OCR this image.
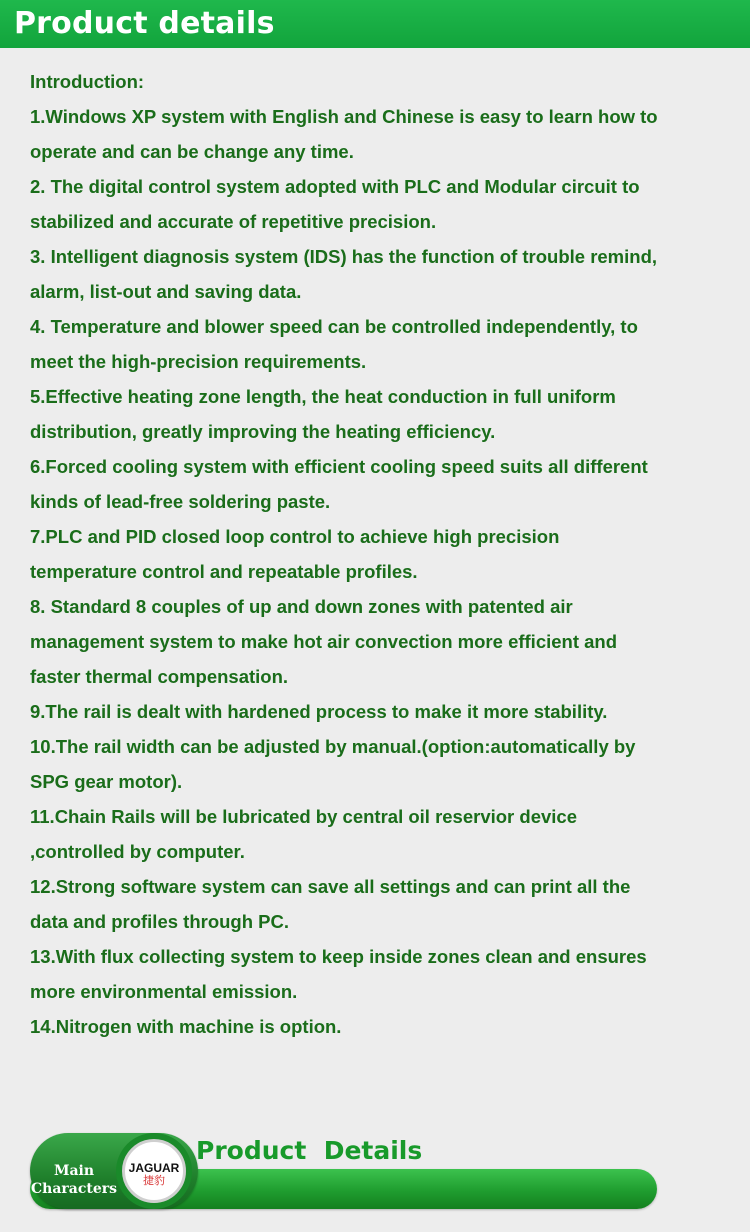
Product details
Introduction:
1.Windows XP system with English and Chinese is easy to learn how to
operate and can be change any time.
2. The digital control system adopted with PLC and Modular circuit to
stabilized and accurate of repetitive precision.
3. Intelligent diagnosis system (IDS) has the function of trouble remind,
alarm, list-out and saving data.
4. Temperature and blower speed can be controlled independently, to
meet the high-precision requirements.
5.Effective heating zone length, the heat conduction in full uniform
distribution, greatly improving the heating efficiency.
6.Forced cooling system with efficient cooling speed suits all different
kinds of lead-free soldering paste.
7.PLC and PID closed loop control to achieve high precision
temperature control and repeatable profiles.
8. Standard 8 couples of up and down zones with patented air
management system to make hot air convection more efficient and
faster thermal compensation.
9.The rail is dealt with hardened process to make it more stability.
10.The rail width can be adjusted by manual.(option:automatically by
SPG gear motor).
11.Chain Rails will be lubricated by central oil reservior device
,controlled by computer.
12.Strong software system can save all settings and can print all the
data and profiles through PC.
13.With flux collecting system to keep inside zones clean and ensures
more environmental emission.
14.Nitrogen with machine is option.
Main
Characters
JAGUAR
捷豹
Product  Details
